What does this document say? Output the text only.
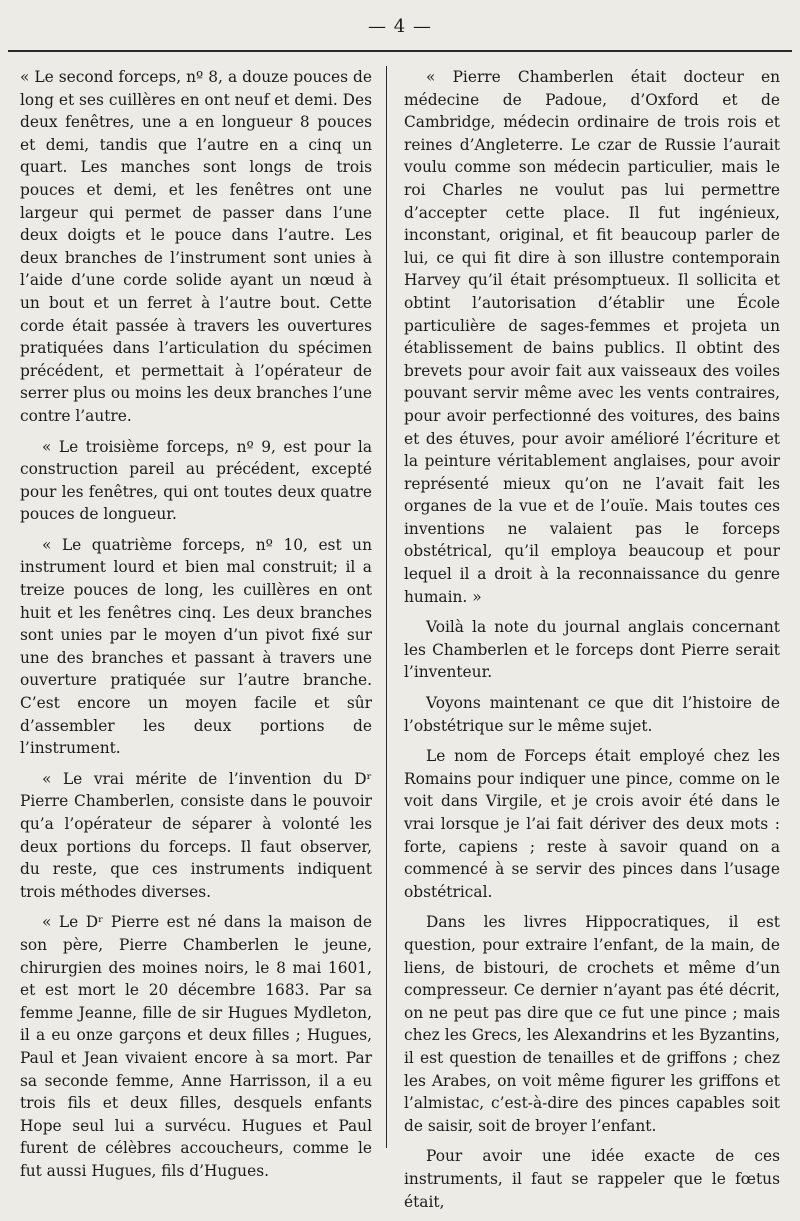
— 4 —

« Le second forceps, nº 8, a douze pouces de long et ses cuillères en ont neuf et demi. Des deux fenêtres, une a en longueur 8 pouces et demi, tandis que l’autre en a cinq un quart. Les manches sont longs de trois pouces et demi, et les fenêtres ont une largeur qui permet de passer dans l’une deux doigts et le pouce dans l’autre. Les deux branches de l’instrument sont unies à l’aide d’une corde solide ayant un nœud à un bout et un ferret à l’autre bout. Cette corde était passée à travers les ouvertures pratiquées dans l’articulation du spécimen précédent, et permettait à l’opérateur de serrer plus ou moins les deux branches l’une contre l’autre.

« Le troisième forceps, nº 9, est pour la construction pareil au précédent, excepté pour les fenêtres, qui ont toutes deux quatre pouces de longueur.

« Le quatrième forceps, nº 10, est un instrument lourd et bien mal construit; il a treize pouces de long, les cuillères en ont huit et les fenêtres cinq. Les deux branches sont unies par le moyen d’un pivot fixé sur une des branches et passant à travers une ouverture pratiquée sur l’autre branche. C’est encore un moyen facile et sûr d’assembler les deux portions de l’instrument.

« Le vrai mérite de l’invention du Dʳ Pierre Chamberlen, consiste dans le pouvoir qu’a l’opérateur de séparer à volonté les deux portions du forceps. Il faut observer, du reste, que ces instruments indiquent trois méthodes diverses.

« Le Dʳ Pierre est né dans la maison de son père, Pierre Chamberlen le jeune, chirurgien des moines noirs, le 8 mai 1601, et est mort le 20 décembre 1683. Par sa femme Jeanne, fille de sir Hugues Mydleton, il a eu onze garçons et deux filles ; Hugues, Paul et Jean vivaient encore à sa mort. Par sa seconde femme, Anne Harrisson, il a eu trois fils et deux filles, desquels enfants Hope seul lui a survécu. Hugues et Paul furent de célèbres accoucheurs, comme le fut aussi Hugues, fils d’Hugues.

« Pierre Chamberlen était docteur en médecine de Padoue, d’Oxford et de Cambridge, médecin ordinaire de trois rois et reines d’Angleterre. Le czar de Russie l’aurait voulu comme son médecin particulier, mais le roi Charles ne voulut pas lui permettre d’accepter cette place. Il fut ingénieux, inconstant, original, et fit beaucoup parler de lui, ce qui fit dire à son illustre contemporain Harvey qu’il était présomptueux. Il sollicita et obtint l’autorisation d’établir une École particulière de sages-femmes et projeta un établissement de bains publics. Il obtint des brevets pour avoir fait aux vaisseaux des voiles pouvant servir même avec les vents contraires, pour avoir perfectionné des voitures, des bains et des étuves, pour avoir amélioré l’écriture et la peinture véritablement anglaises, pour avoir représenté mieux qu’on ne l’avait fait les organes de la vue et de l’ouïe. Mais toutes ces inventions ne valaient pas le forceps obstétrical, qu’il employa beaucoup et pour lequel il a droit à la reconnaissance du genre humain. »

Voilà la note du journal anglais concernant les Chamberlen et le forceps dont Pierre serait l’inventeur.

Voyons maintenant ce que dit l’histoire de l’obstétrique sur le même sujet.

Le nom de Forceps était employé chez les Romains pour indiquer une pince, comme on le voit dans Virgile, et je crois avoir été dans le vrai lorsque je l’ai fait dériver des deux mots : forte, capiens ; reste à savoir quand on a commencé à se servir des pinces dans l’usage obstétrical.

Dans les livres Hippocratiques, il est question, pour extraire l’enfant, de la main, de liens, de bistouri, de crochets et même d’un compresseur. Ce dernier n’ayant pas été décrit, on ne peut pas dire que ce fut une pince ; mais chez les Grecs, les Alexandrins et les Byzantins, il est question de tenailles et de griffons ; chez les Arabes, on voit même figurer les griffons et l’almistac, c’est-à-dire des pinces capables soit de saisir, soit de broyer l’enfant.

Pour avoir une idée exacte de ces instruments, il faut se rappeler que le fœtus était,
